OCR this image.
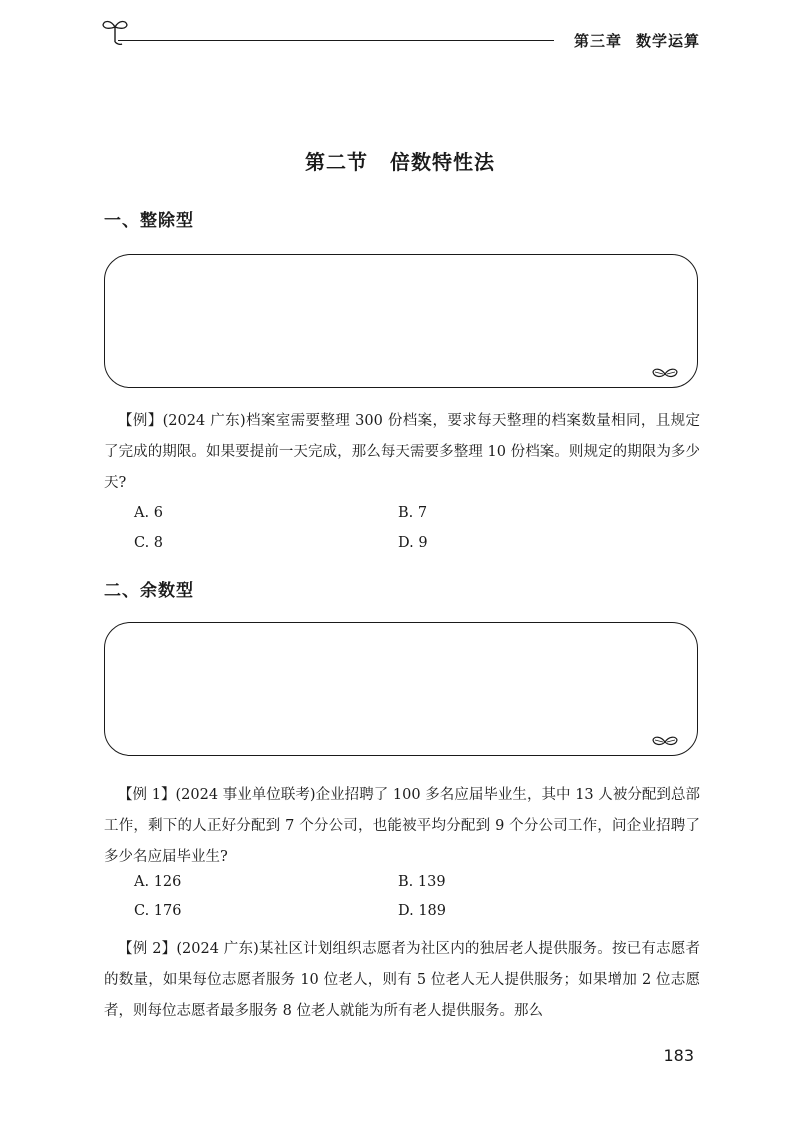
第三章 数学运算
第二节 倍数特性法
一、整除型
【例】(2024 广东)档案室需要整理 300 份档案，要求每天整理的档案数量相同，且规定了完成的期限。如果要提前一天完成，那么每天需要多整理 10 份档案。则规定的期限为多少天?
A. 6	B. 7
C. 8	D. 9
二、余数型
【例 1】(2024 事业单位联考)企业招聘了 100 多名应届毕业生，其中 13 人被分配到总部工作，剩下的人正好分配到 7 个分公司，也能被平均分配到 9 个分公司工作，问企业招聘了多少名应届毕业生?
A. 126	B. 139
C. 176	D. 189
【例 2】(2024 广东)某社区计划组织志愿者为社区内的独居老人提供服务。按已有志愿者的数量，如果每位志愿者服务 10 位老人，则有 5 位老人无人提供服务；如果增加 2 位志愿者，则每位志愿者最多服务 8 位老人就能为所有老人提供服务。那么
183
